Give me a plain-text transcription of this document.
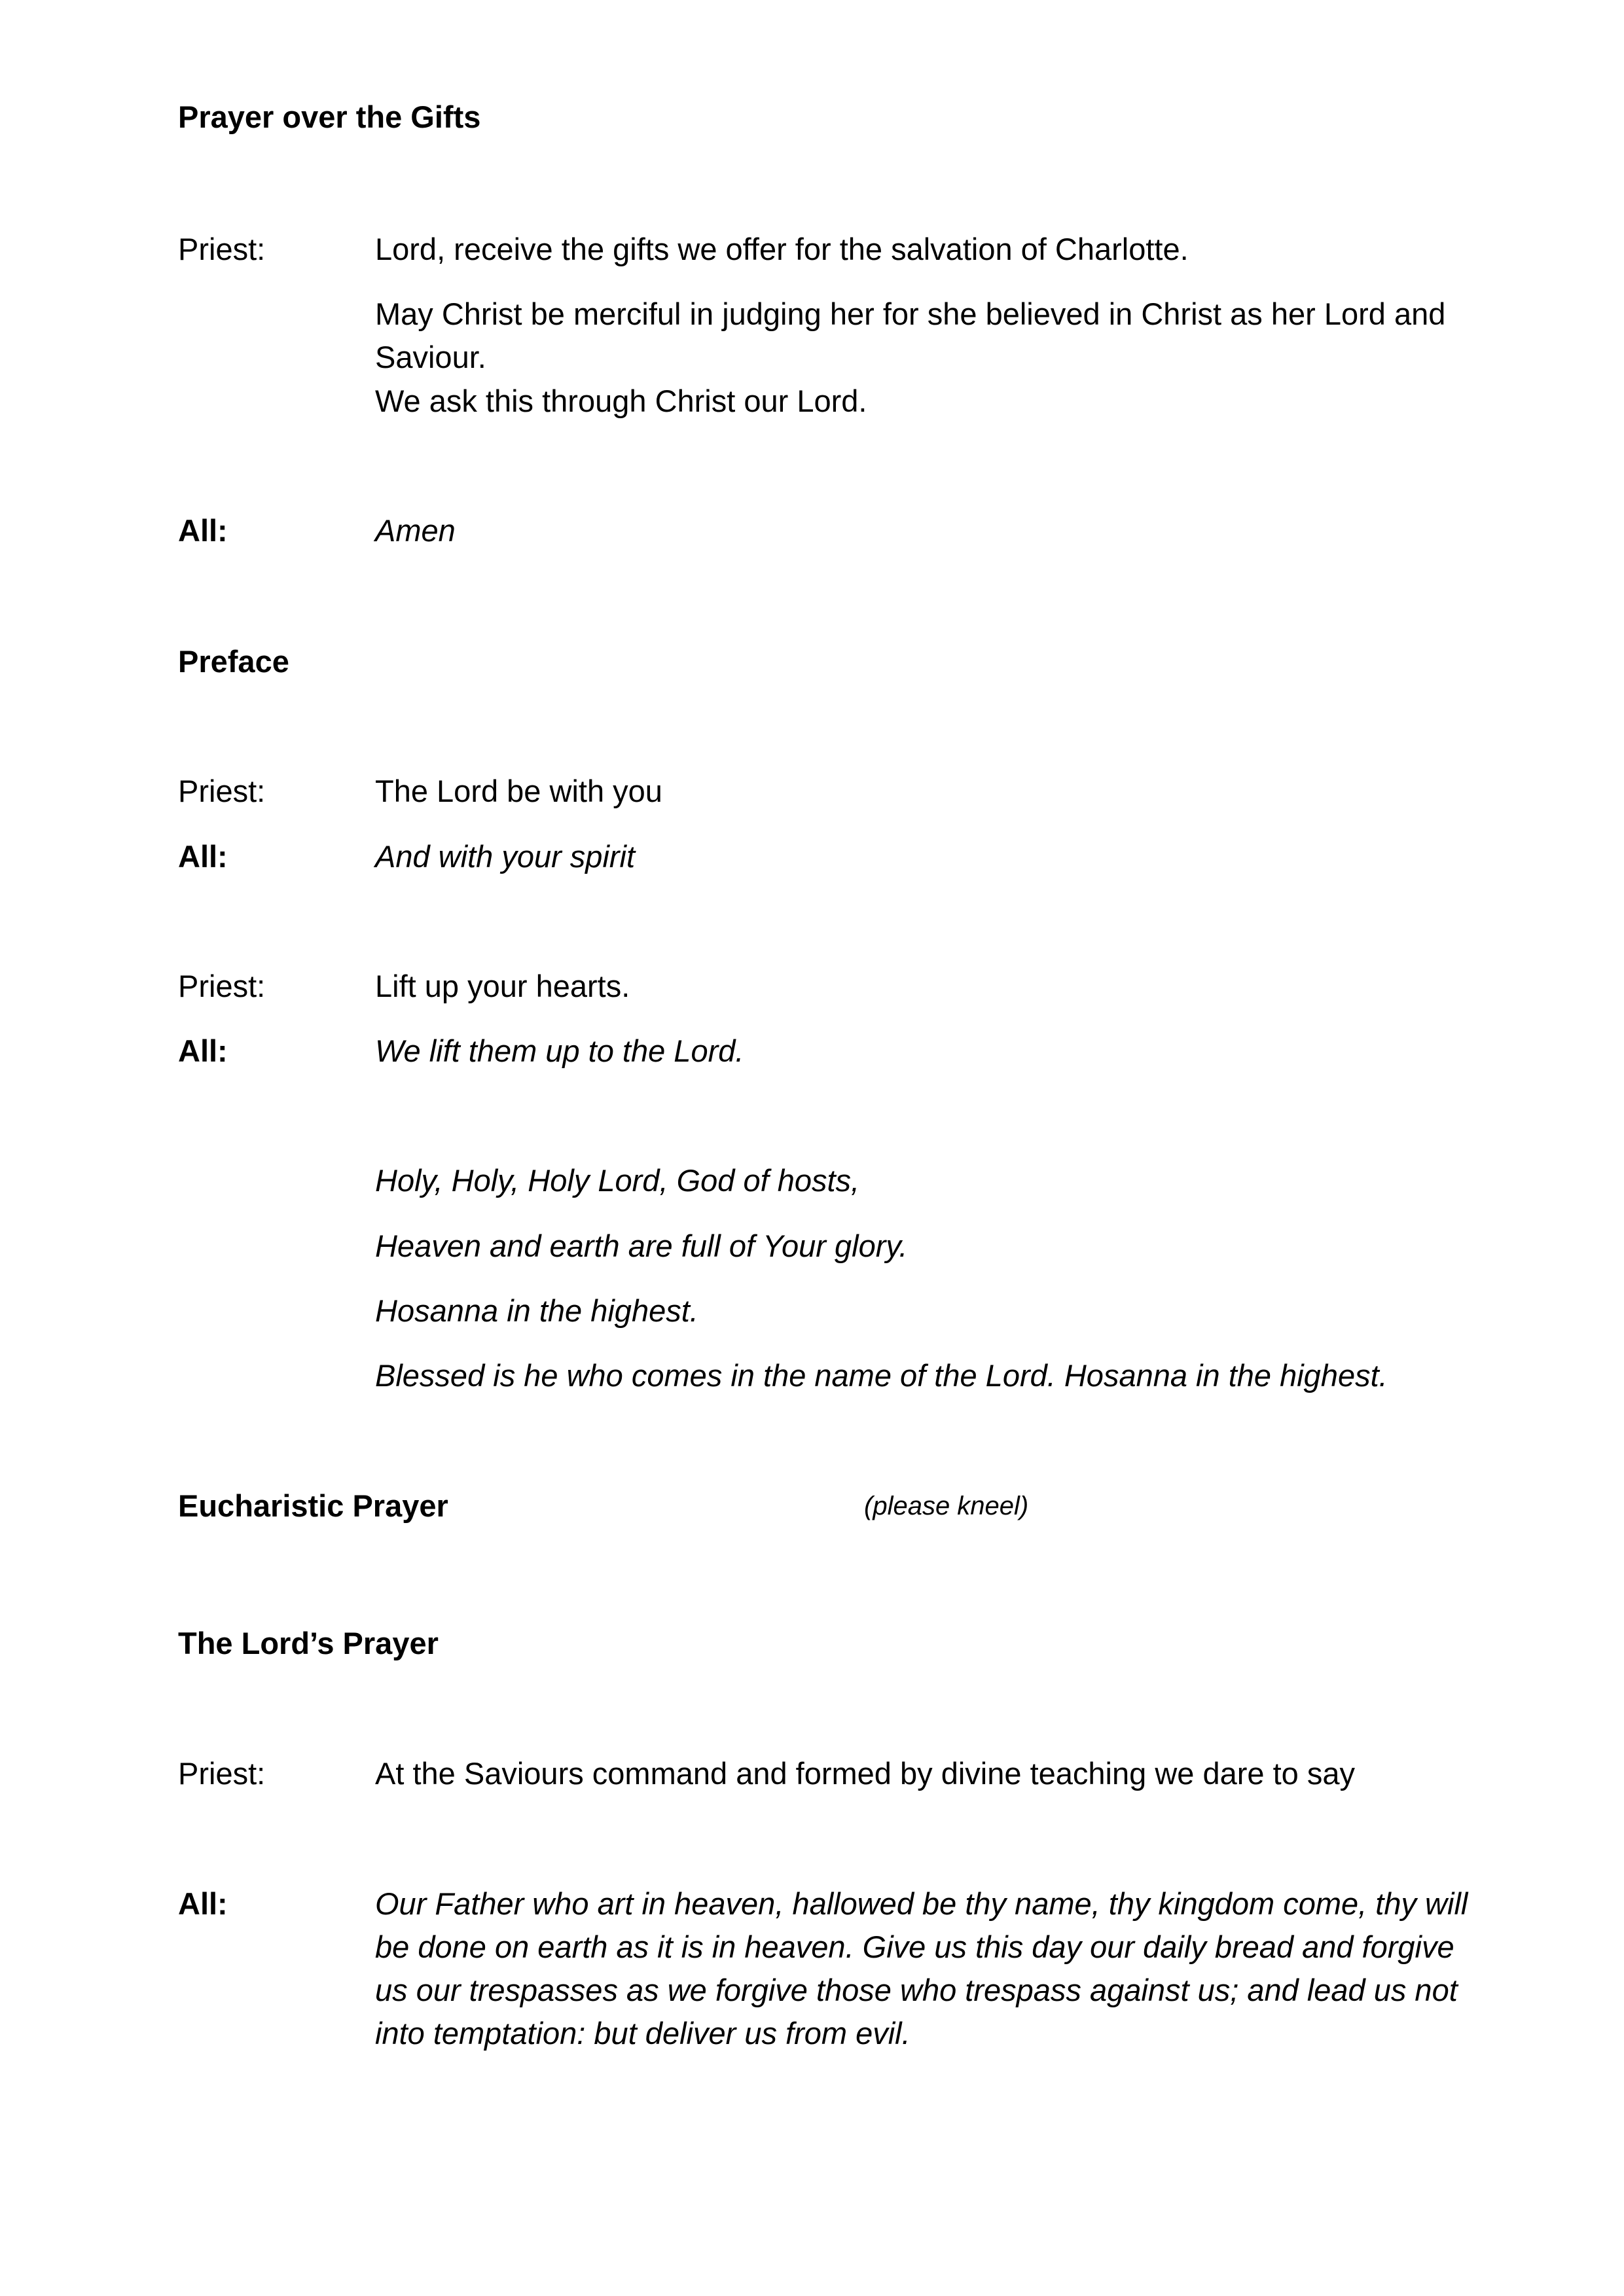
Prayer over the Gifts
Priest:	Lord, receive the gifts we offer for the salvation of Charlotte.
May Christ be merciful in judging her for she believed in Christ as her Lord and
Saviour.
We ask this through Christ our Lord.
All:	Amen
Preface
Priest:	The Lord be with you
All:	And with your spirit
Priest:	Lift up your hearts.
All:	We lift them up to the Lord.
Holy, Holy, Holy Lord, God of hosts,
Heaven and earth are full of Your glory.
Hosanna in the highest.
Blessed is he who comes in the name of the Lord. Hosanna in the highest.
Eucharistic Prayer	(please kneel)
The Lord’s Prayer
Priest:	At the Saviours command and formed by divine teaching we dare to say
All:	Our Father who art in heaven, hallowed be thy name, thy kingdom come, thy will
be done on earth as it is in heaven. Give us this day our daily bread and forgive
us our trespasses as we forgive those who trespass against us; and lead us not
into temptation: but deliver us from evil.
